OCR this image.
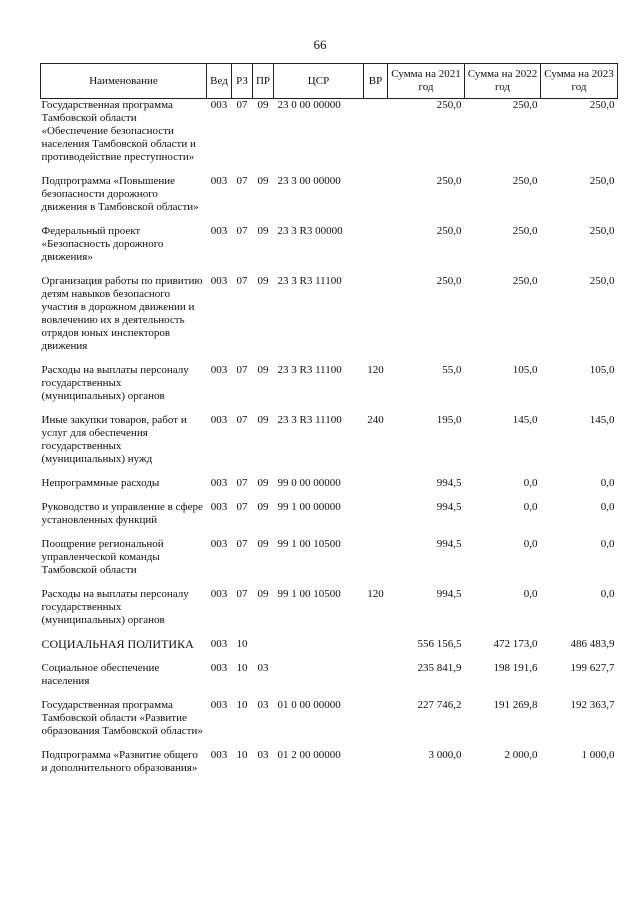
66
Наименование	Вед	РЗ	ПР	ЦСР	ВР	Сумма на 2021 год	Сумма на 2022 год	Сумма на 2023 год
Государственная программа Тамбовской области «Обеспечение безопасности населения Тамбовской области и противодействие преступности»	003	07	09	23 0 00 00000		250,0	250,0	250,0
Подпрограмма «Повышение безопасности дорожного движения в Тамбовской области»	003	07	09	23 3 00 00000		250,0	250,0	250,0
Федеральный проект «Безопасность дорожного движения»	003	07	09	23 3 R3 00000		250,0	250,0	250,0
Организация работы по привитию детям навыков безопасного участия в дорожном движении и вовлечению их в деятельность отрядов юных инспекторов движения	003	07	09	23 3 R3 11100		250,0	250,0	250,0
Расходы на выплаты персоналу государственных (муниципальных) органов	003	07	09	23 3 R3 11100	120	55,0	105,0	105,0
Иные закупки товаров, работ и услуг для обеспечения государственных (муниципальных) нужд	003	07	09	23 3 R3 11100	240	195,0	145,0	145,0
Непрограммные расходы	003	07	09	99 0 00 00000		994,5	0,0	0,0
Руководство и управление в сфере установленных функций	003	07	09	99 1 00 00000		994,5	0,0	0,0
Поощрение региональной управленческой команды Тамбовской области	003	07	09	99 1 00 10500		994,5	0,0	0,0
Расходы на выплаты персоналу государственных (муниципальных) органов	003	07	09	99 1 00 10500	120	994,5	0,0	0,0
СОЦИАЛЬНАЯ ПОЛИТИКА	003	10				556 156,5	472 173,0	486 483,9
Социальное обеспечение населения	003	10	03			235 841,9	198 191,6	199 627,7
Государственная программа Тамбовской области «Развитие образования Тамбовской области»	003	10	03	01 0 00 00000		227 746,2	191 269,8	192 363,7
Подпрограмма «Развитие общего и дополнительного образования»	003	10	03	01 2 00 00000		3 000,0	2 000,0	1 000,0
